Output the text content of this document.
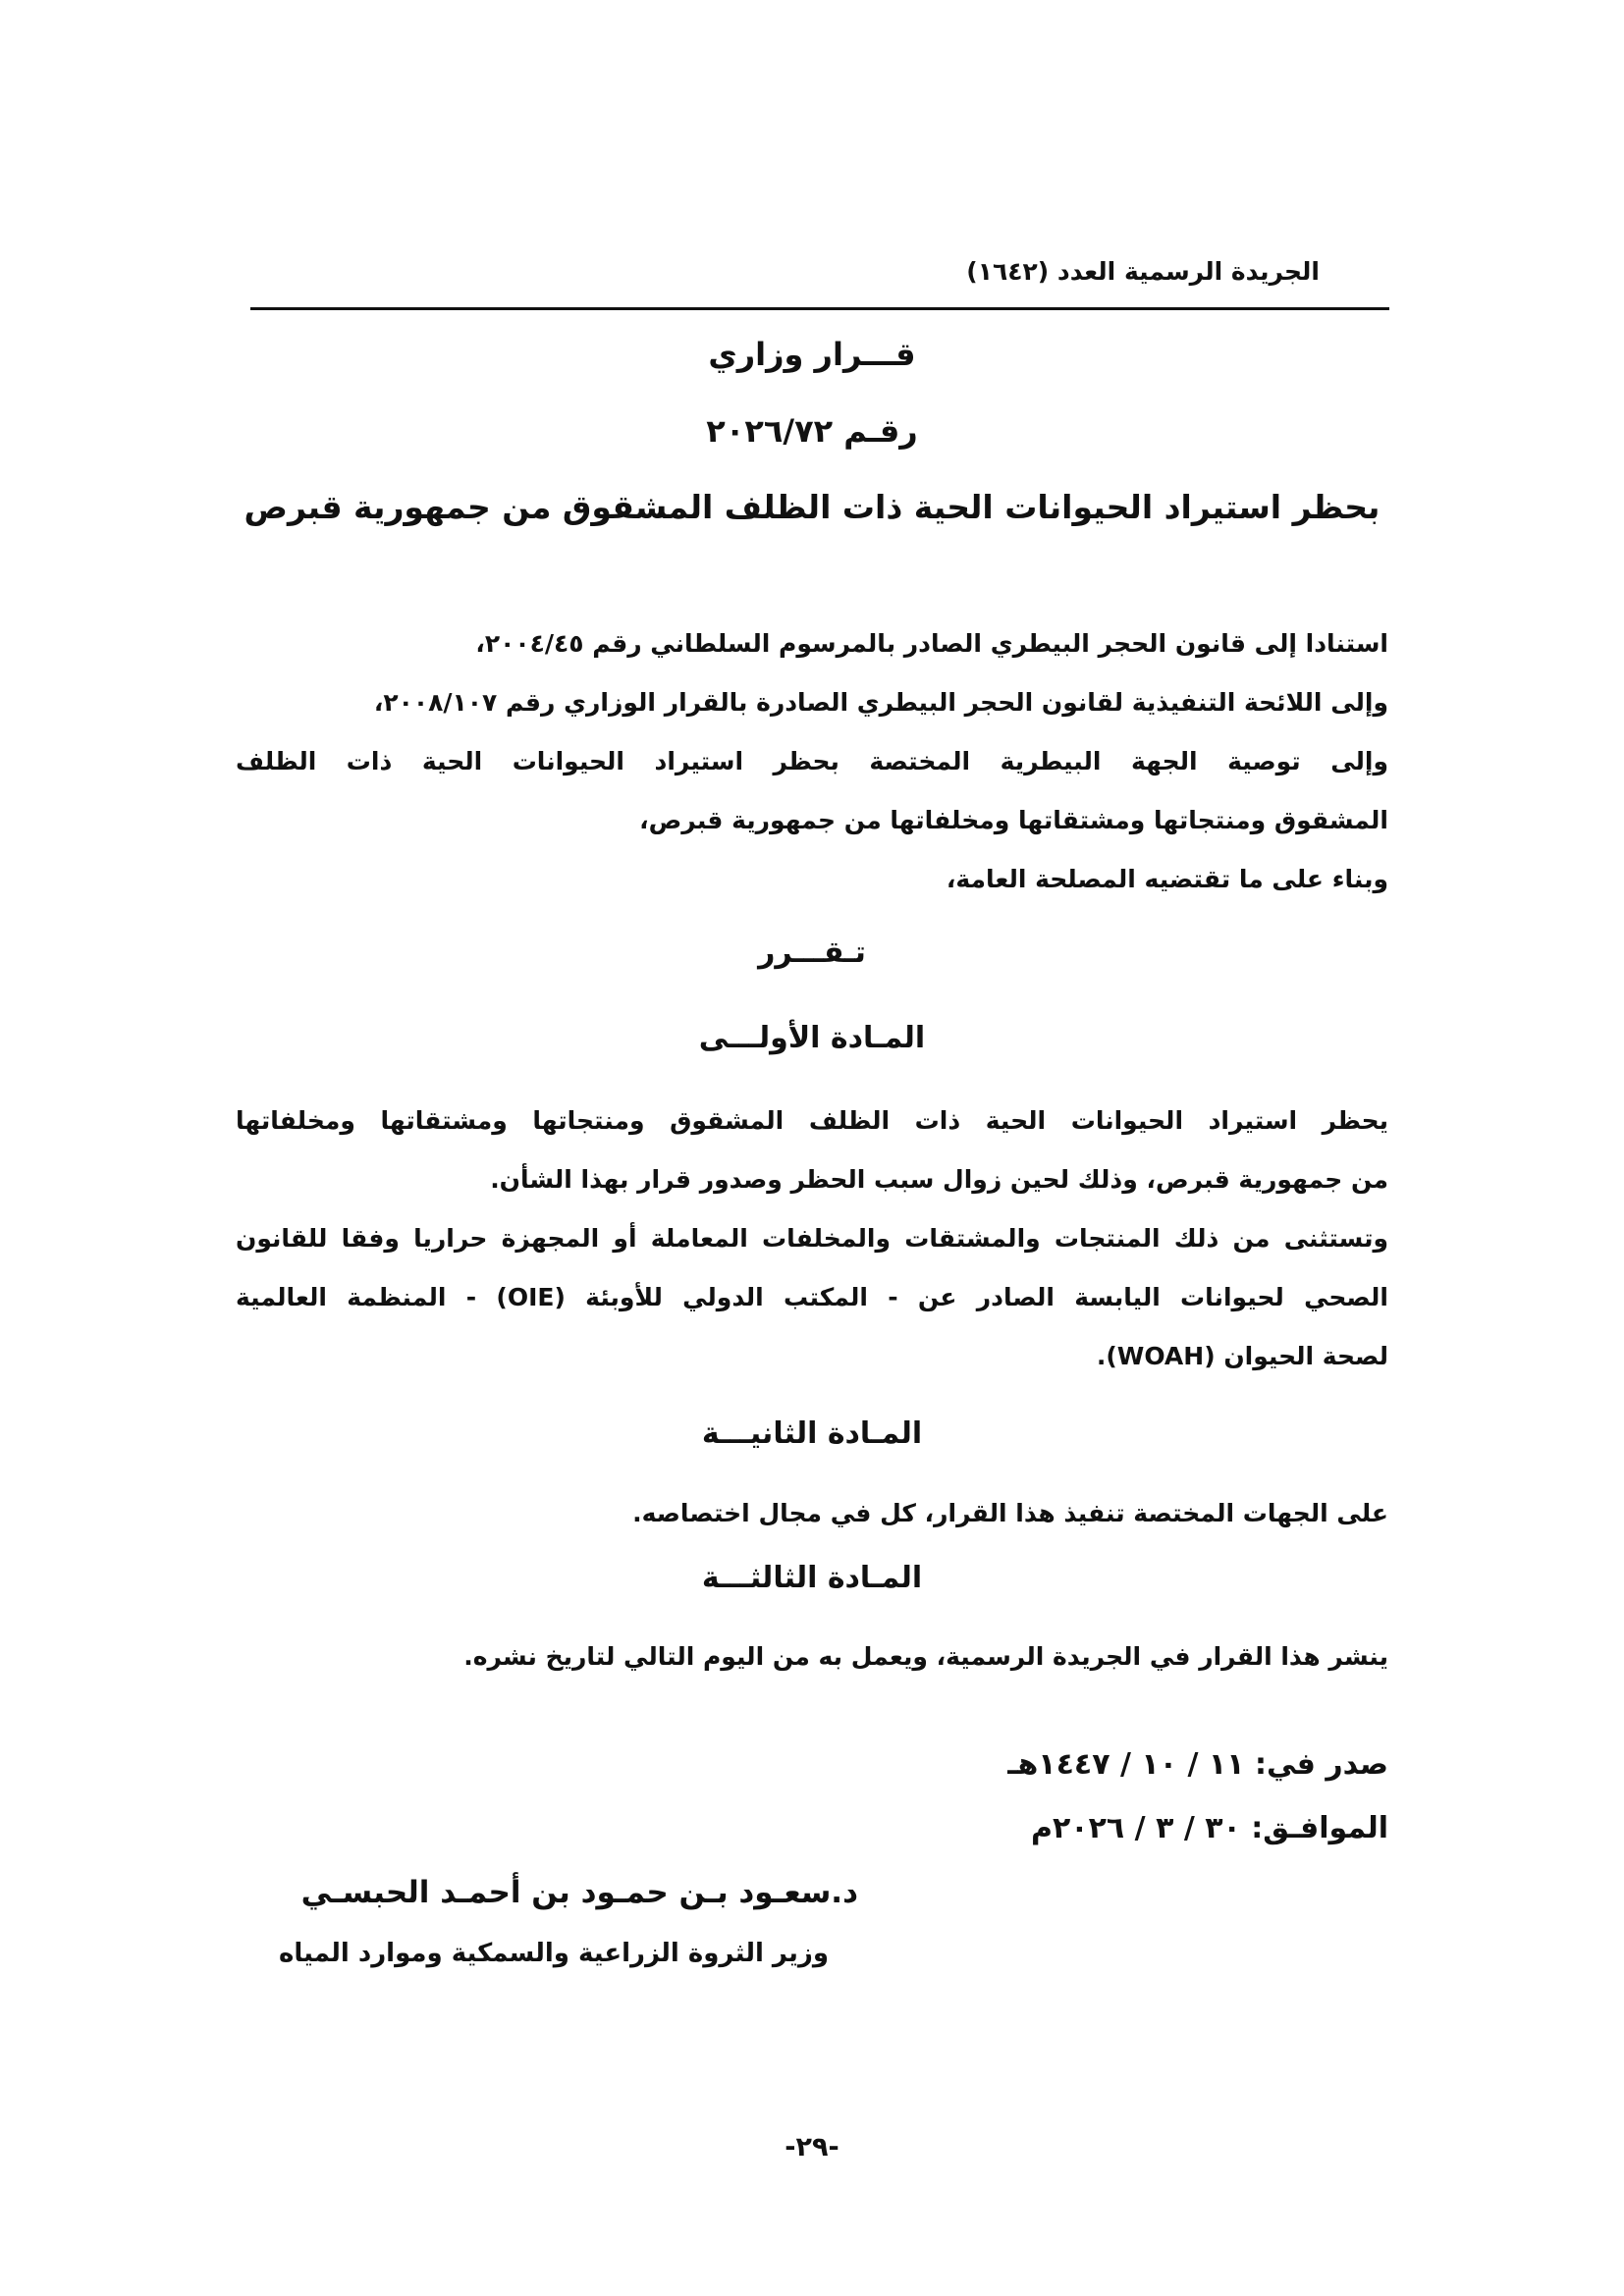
الجريدة الرسمية العدد (١٦٤٢)
قـــرار وزاري
رقـم ٢٠٢٦/٧٢
بحظر استيراد الحيوانات الحية ذات الظلف المشقوق من جمهورية قبرص
استنادا إلى قانون الحجر البيطري الصادر بالمرسوم السلطاني رقم ٢٠٠٤/٤٥،
وإلى اللائحة التنفيذية لقانون الحجر البيطري الصادرة بالقرار الوزاري رقم ٢٠٠٨/١٠٧،
وإلى توصية الجهة البيطرية المختصة بحظر استيراد الحيوانات الحية ذات الظلف
المشقوق ومنتجاتها ومشتقاتها ومخلفاتها من جمهورية قبرص،
وبناء على ما تقتضيه المصلحة العامة،
تـقـــرر
المـادة الأولـــى
يحظر استيراد الحيوانات الحية ذات الظلف المشقوق ومنتجاتها ومشتقاتها ومخلفاتها
من جمهورية قبرص، وذلك لحين زوال سبب الحظر وصدور قرار بهذا الشأن.
وتستثنى من ذلك المنتجات والمشتقات والمخلفات المعاملة أو المجهزة حراريا وفقا للقانون
الصحي لحيوانات اليابسة الصادر عن - المكتب الدولي للأوبئة (OIE) - المنظمة العالمية
لصحة الحيوان (WOAH).
المـادة الثانيـــة
على الجهات المختصة تنفيذ هذا القرار، كل في مجال اختصاصه.
المـادة الثالثـــة
ينشر هذا القرار في الجريدة الرسمية، ويعمل به من اليوم التالي لتاريخ نشره.
صدر في: ١١ / ١٠ / ١٤٤٧هـ
الموافـق: ٣٠ / ٣ / ٢٠٢٦م
د.سعـود بـن حمـود بن أحمـد الحبسـي
وزير الثروة الزراعية والسمكية وموارد المياه
-٢٩-
